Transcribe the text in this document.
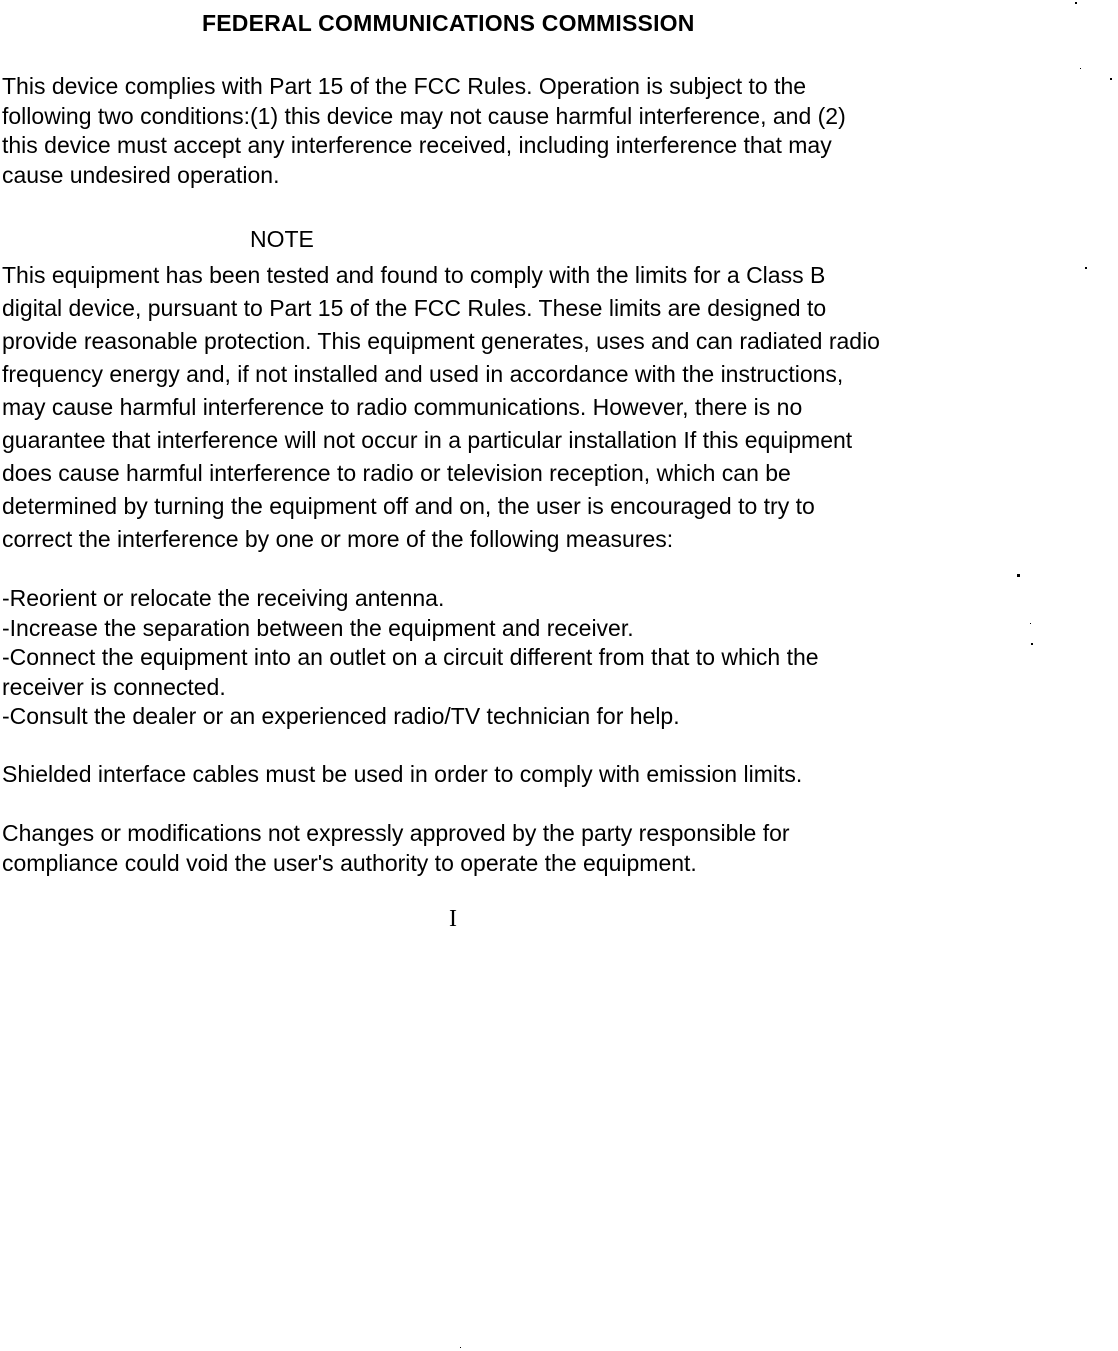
FEDERAL COMMUNICATIONS COMMISSION
This device complies with Part 15 of the FCC Rules. Operation is subject to the
following two conditions:(1) this device may not cause harmful interference, and (2)
this device must accept any interference received, including interference that may
cause undesired operation.
NOTE
This equipment has been tested and found to comply with the limits for a Class B
digital device, pursuant to Part 15 of the FCC Rules. These limits are designed to
provide reasonable protection. This equipment generates, uses and can radiated radio
frequency energy and, if not installed and used in accordance with the instructions,
may cause harmful interference to radio communications. However, there is no
guarantee that interference will not occur in a particular installation If this equipment
does cause harmful interference to radio or television reception, which can be
determined by turning the equipment off and on, the user is encouraged to try to
correct the interference by one or more of the following measures:
-Reorient or relocate the receiving antenna.
-Increase the separation between the equipment and receiver.
-Connect the equipment into an outlet on a circuit different from that to which the
receiver is connected.
-Consult the dealer or an experienced radio/TV technician for help.
Shielded interface cables must be used in order to comply with emission limits.
Changes or modifications not expressly approved by the party responsible for
compliance could void the user's authority to operate the equipment.
I
